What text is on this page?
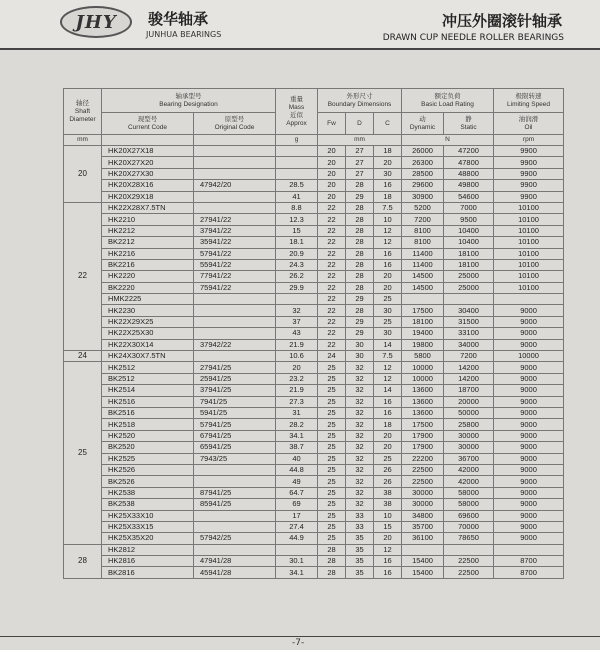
JHY	骏华轴承
JUNHUA BEARINGS
冲压外圈滚针轴承
DRAWN CUP NEEDLE ROLLER BEARINGS
轴径
Shaft
Diameter	轴承型号
Bearing Designation		重量
Mass
近似
Approx	外形尺寸
Boundary Dimensions			额定负荷
Basic Load Rating		极限转速
Limiting Speed
	现型号
Current Code	原型号
Original Code		Fw	D	C	动
Dynamic	静
Static	油润滑
Oil
mm			g	mm			N		rpm
20	HK20X27X18			20	27	18	26000	47200	9900
	HK20X27X20			20	27	20	26300	47800	9900
	HK20X27X30			20	27	30	28500	48800	9900
	HK20X28X16	47942/20	28.5	20	28	16	29600	49800	9900
	HK20X29X18		41	20	29	18	30900	54600	9900
22	HK22X28X7.5TN		8.8	22	28	7.5	5200	7000	10100
	HK2210	27941/22	12.3	22	28	10	7200	9500	10100
	HK2212	37941/22	15	22	28	12	8100	10400	10100
	BK2212	35941/22	18.1	22	28	12	8100	10400	10100
	HK2216	57941/22	20.9	22	28	16	11400	18100	10100
	BK2216	55941/22	24.3	22	28	16	11400	18100	10100
	HK2220	77941/22	26.2	22	28	20	14500	25000	10100
	BK2220	75941/22	29.9	22	28	20	14500	25000	10100
	HMK2225			22	29	25			
	HK2230		32	22	28	30	17500	30400	9000
	HK22X29X25		37	22	29	25	18100	31500	9000
	HK22X25X30		43	22	29	30	19400	33100	9000
	HK22X30X14	37942/22	21.9	22	30	14	19800	34000	9000
24	HK24X30X7.5TN		10.6	24	30	7.5	5800	7200	10000
25	HK2512	27941/25	20	25	32	12	10000	14200	9000
	BK2512	25941/25	23.2	25	32	12	10000	14200	9000
	HK2514	37941/25	21.9	25	32	14	13600	18700	9000
	HK2516	7941/25	27.3	25	32	16	13600	20000	9000
	BK2516	5941/25	31	25	32	16	13600	50000	9000
	HK2518	57941/25	28.2	25	32	18	17500	25800	9000
	HK2520	67941/25	34.1	25	32	20	17900	30000	9000
	BK2520	65941/25	38.7	25	32	20	17900	30000	9000
	HK2525	7943/25	40	25	32	25	22200	36700	9000
	HK2526		44.8	25	32	26	22500	42000	9000
	BK2526		49	25	32	26	22500	42000	9000
	HK2538	87941/25	64.7	25	32	38	30000	58000	9000
	BK2538	85941/25	69	25	32	38	30000	58000	9000
	HK25X33X10		17	25	33	10	34800	69600	9000
	HK25X33X15		27.4	25	33	15	35700	70000	9000
	HK25X35X20	57942/25	44.9	25	35	20	36100	78650	9000
28	HK2812			28	35	12			
	HK2816	47941/28	30.1	28	35	16	15400	22500	8700
	BK2816	45941/28	34.1	28	35	16	15400	22500	8700
-7-
